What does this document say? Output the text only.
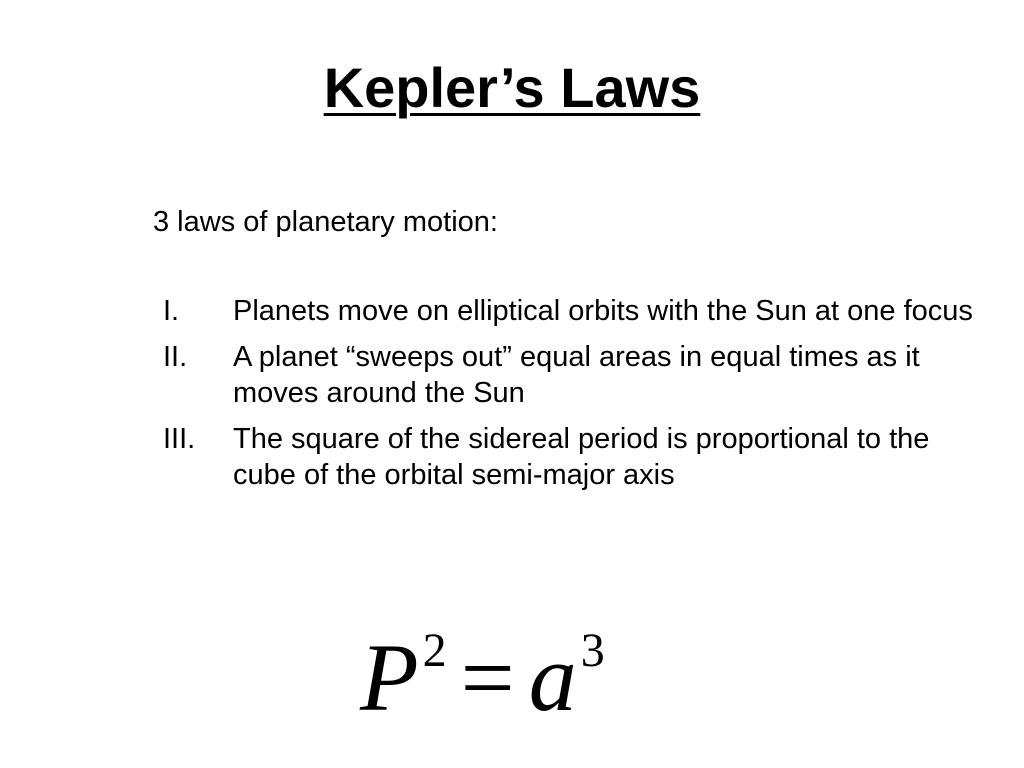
Kepler’s Laws

3 laws of planetary motion:

I. Planets move on elliptical orbits with the Sun at one focus
II. A planet “sweeps out” equal areas in equal times as it moves around the Sun
III. The square of the sidereal period is proportional to the cube of the orbital semi-major axis
$P^2 = a^3$
